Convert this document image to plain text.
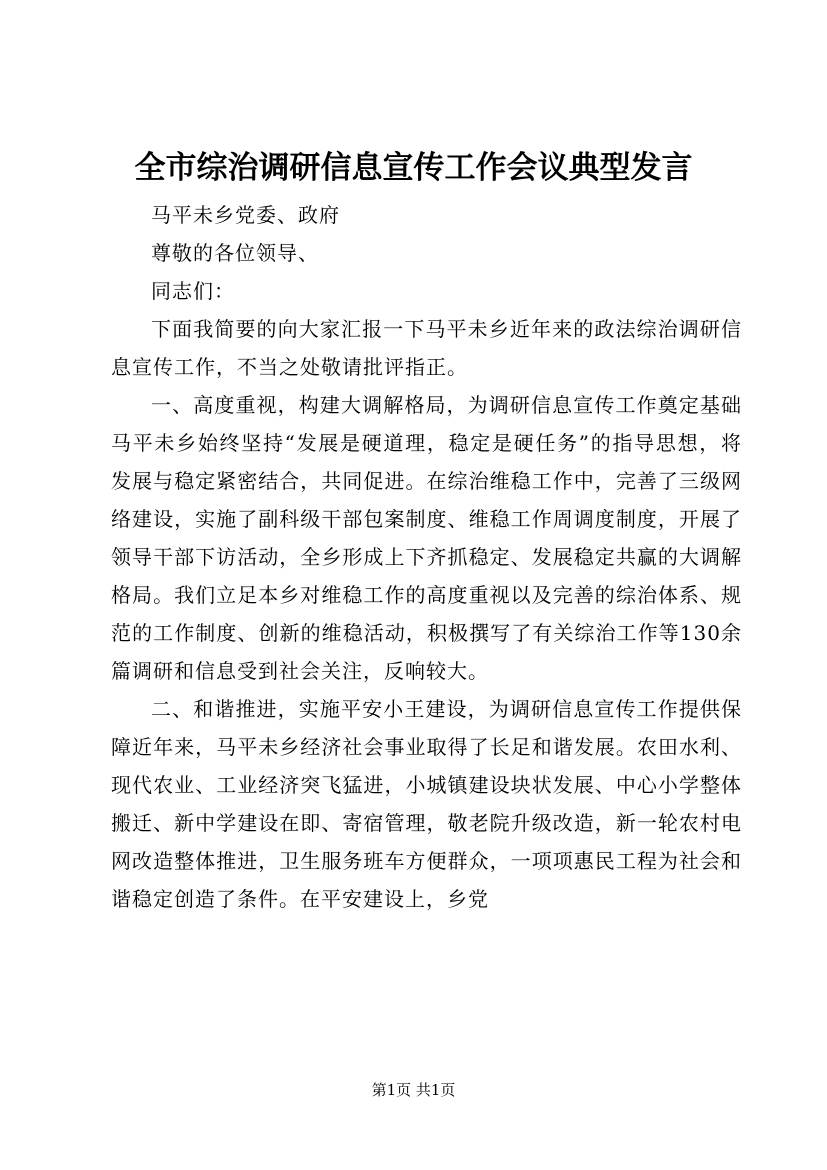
全市综治调研信息宣传工作会议典型发言

马平未乡党委、政府

尊敬的各位领导、

同志们：

下面我简要的向大家汇报一下马平未乡近年来的政法综治调研信息宣传工作，不当之处敬请批评指正。

一、高度重视，构建大调解格局，为调研信息宣传工作奠定基础马平未乡始终坚持“发展是硬道理，稳定是硬任务”的指导思想，将发展与稳定紧密结合，共同促进。在综治维稳工作中，完善了三级网络建设，实施了副科级干部包案制度、维稳工作周调度制度，开展了领导干部下访活动，全乡形成上下齐抓稳定、发展稳定共赢的大调解格局。我们立足本乡对维稳工作的高度重视以及完善的综治体系、规范的工作制度、创新的维稳活动，积极撰写了有关综治工作等130余篇调研和信息受到社会关注，反响较大。

二、和谐推进，实施平安小王建设，为调研信息宣传工作提供保障近年来，马平未乡经济社会事业取得了长足和谐发展。农田水利、现代农业、工业经济突飞猛进，小城镇建设块状发展、中心小学整体搬迁、新中学建设在即、寄宿管理，敬老院升级改造，新一轮农村电网改造整体推进，卫生服务班车方便群众，一项项惠民工程为社会和谐稳定创造了条件。在平安建设上，乡党

第1页 共1页
